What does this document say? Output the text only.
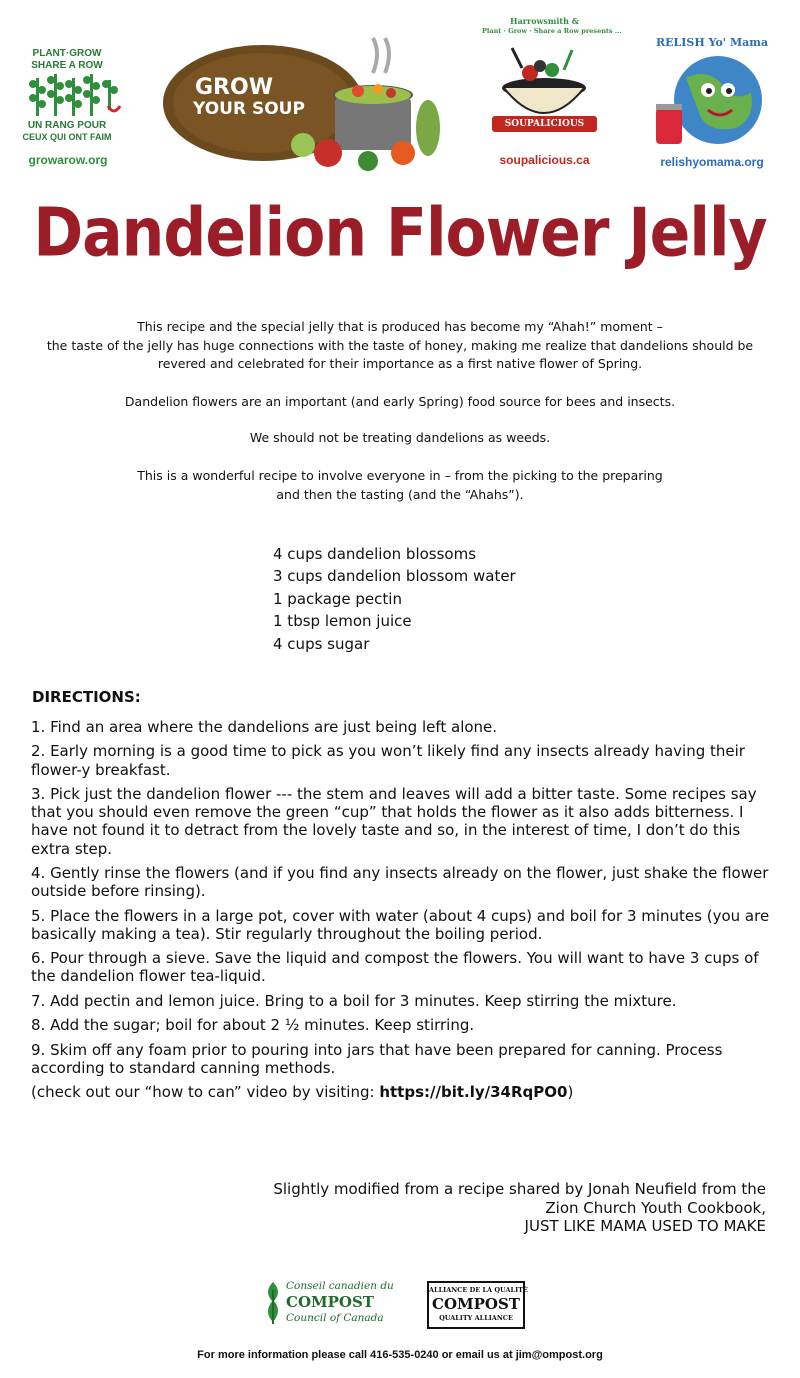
PLANT·GROW
SHARE A ROW
UN RANG POUR
CEUX QUI ONT FAIM
growarow.org
GROW
YOUR SOUP
Harrowsmith &
Plant · Grow · Share a Row presents ...
SOUPALICIOUS
soupalicious.ca
RELISH Yo' Mama
relishyomama.org
Dandelion Flower Jelly
This recipe and the special jelly that is produced has become my “Ahah!” moment –
the taste of the jelly has huge connections with the taste of honey, making me realize that dandelions should be
revered and celebrated for their importance as a first native flower of Spring.
Dandelion flowers are an important (and early Spring) food source for bees and insects.
We should not be treating dandelions as weeds.
This is a wonderful recipe to involve everyone in – from the picking to the preparing
and then the tasting (and the “Ahahs”).
4 cups dandelion blossoms
3 cups dandelion blossom water
1 package pectin
1 tbsp lemon juice
4 cups sugar
DIRECTIONS:

1. Find an area where the dandelions are just being left alone.

2. Early morning is a good time to pick as you won’t likely find any insects already having their flower-y breakfast.

3. Pick just the dandelion flower --- the stem and leaves will add a bitter taste. Some recipes say that you should even remove the green “cup” that holds the flower as it also adds bitterness. I have not found it to detract from the lovely taste and so, in the interest of time, I don’t do this extra step.

4. Gently rinse the flowers (and if you find any insects already on the flower, just shake the flower outside before rinsing).

5. Place the flowers in a large pot, cover with water (about 4 cups) and boil for 3 minutes (you are basically making a tea). Stir regularly throughout the boiling period.

6. Pour through a sieve. Save the liquid and compost the flowers. You will want to have 3 cups of the dandelion flower tea-liquid.

7. Add pectin and lemon juice. Bring to a boil for 3 minutes. Keep stirring the mixture.

8. Add the sugar; boil for about 2 ½ minutes. Keep stirring.

9. Skim off any foam prior to pouring into jars that have been prepared for canning. Process according to standard canning methods.

(check out our “how to can” video by visiting: https://bit.ly/34RqPO0)

Slightly modified from a recipe shared by Jonah Neufield from the
Zion Church Youth Cookbook,
JUST LIKE MAMA USED TO MAKE
Conseil canadien du
COMPOST
Council of Canada
ALLIANCE DE LA QUALITÉ
COMPOST
QUALITY ALLIANCE
For more information please call 416-535-0240 or email us at jim@ompost.org
